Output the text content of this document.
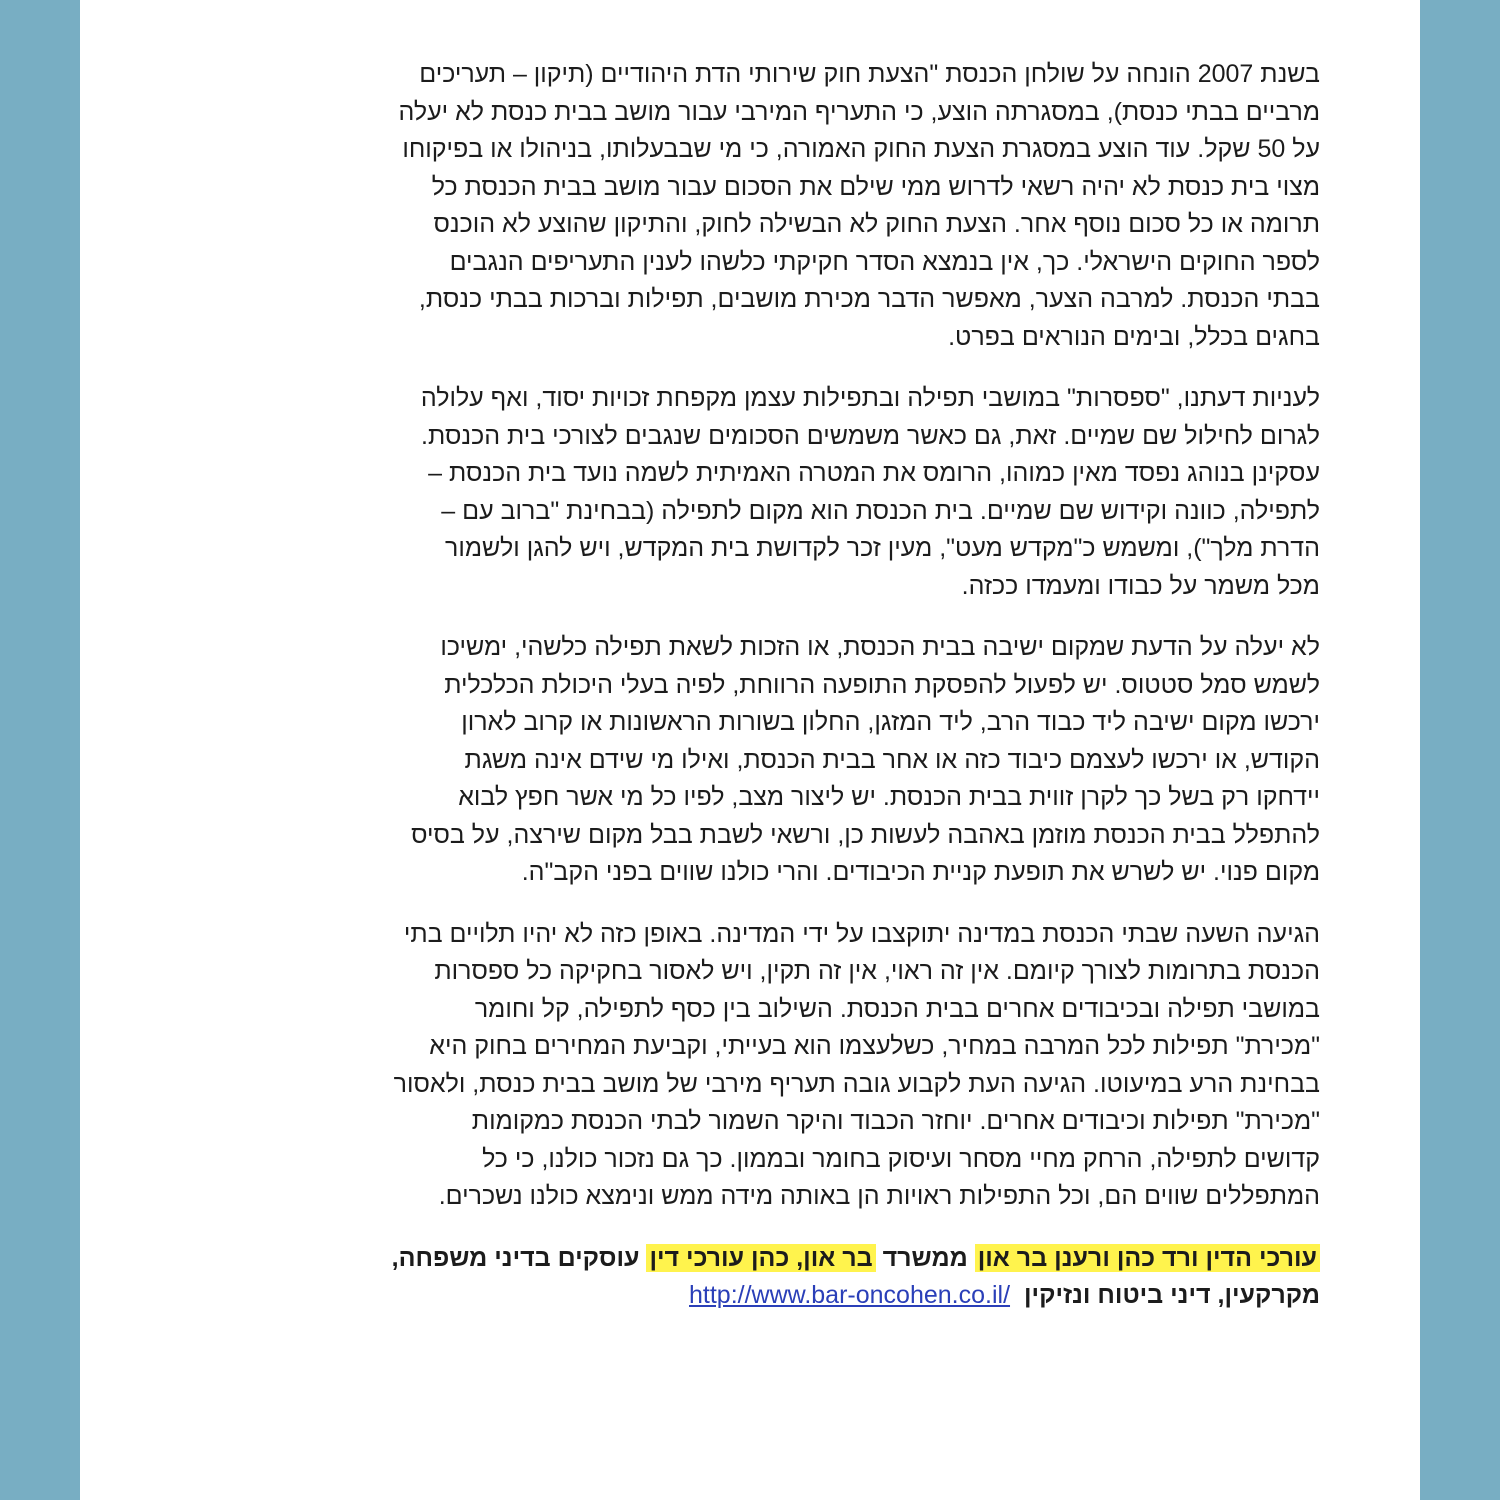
בשנת 2007 הונחה על שולחן הכנסת "הצעת חוק שירותי הדת היהודיים (תיקון – תעריכים

מרביים בבתי כנסת), במסגרתה הוצע, כי התעריף המירבי עבור מושב בבית כנסת לא יעלה

על 50 שקל. עוד הוצע במסגרת הצעת החוק האמורה, כי מי שבבעלותו, בניהולו או בפיקוחו

מצוי בית כנסת לא יהיה רשאי לדרוש ממי שילם את הסכום עבור מושב בבית הכנסת כל

תרומה או כל סכום נוסף אחר. הצעת החוק לא הבשילה לחוק, והתיקון שהוצע לא הוכנס

לספר החוקים הישראלי. כך, אין בנמצא הסדר חקיקתי כלשהו לענין התעריפים הנגבים

בבתי הכנסת. למרבה הצער, מאפשר הדבר מכירת מושבים, תפילות וברכות בבתי כנסת,

בחגים בכלל, ובימים הנוראים בפרט.

לעניות דעתנו, "ספסרות" במושבי תפילה ובתפילות עצמן מקפחת זכויות יסוד, ואף עלולה

לגרום לחילול שם שמיים. זאת, גם כאשר משמשים הסכומים שנגבים לצורכי בית הכנסת.

עסקינן בנוהג נפסד מאין כמוהו, הרומס את המטרה האמיתית לשמה נועד בית הכנסת –

לתפילה, כוונה וקידוש שם שמיים. בית הכנסת הוא מקום לתפילה (בבחינת "ברוב עם –

הדרת מלך"), ומשמש כ"מקדש מעט", מעין זכר לקדושת בית המקדש, ויש להגן ולשמור

מכל משמר על כבודו ומעמדו ככזה.

לא יעלה על הדעת שמקום ישיבה בבית הכנסת, או הזכות לשאת תפילה כלשהי, ימשיכו

לשמש סמל סטטוס. יש לפעול להפסקת התופעה הרווחת, לפיה בעלי היכולת הכלכלית

ירכשו מקום ישיבה ליד כבוד הרב, ליד המזגן, החלון בשורות הראשונות או קרוב לארון

הקודש, או ירכשו לעצמם כיבוד כזה או אחר בבית הכנסת, ואילו מי שידם אינה משגת

יידחקו רק בשל כך לקרן זווית בבית הכנסת. יש ליצור מצב, לפיו כל מי אשר חפץ לבוא

להתפלל בבית הכנסת מוזמן באהבה לעשות כן, ורשאי לשבת בבל מקום שירצה, על בסיס

מקום פנוי. יש לשרש את תופעת קניית הכיבודים. והרי כולנו שווים בפני הקב"ה.

הגיעה השעה שבתי הכנסת במדינה יתוקצבו על ידי המדינה. באופן כזה לא יהיו תלויים בתי

הכנסת בתרומות לצורך קיומם. אין זה ראוי, אין זה תקין, ויש לאסור בחקיקה כל ספסרות

במושבי תפילה ובכיבודים אחרים בבית הכנסת. השילוב בין כסף לתפילה, קל וחומר

"מכירת" תפילות לכל המרבה במחיר, כשלעצמו הוא בעייתי, וקביעת המחירים בחוק היא

בבחינת הרע במיעוטו. הגיעה העת לקבוע גובה תעריף מירבי של מושב בבית כנסת, ולאסור

"מכירת" תפילות וכיבודים אחרים. יוחזר הכבוד והיקר השמור לבתי הכנסת כמקומות

קדושים לתפילה, הרחק מחיי מסחר ועיסוק בחומר ובממון. כך גם נזכור כולנו, כי כל

המתפללים שווים הם, וכל התפילות ראויות הן באותה מידה ממש ונימצא כולנו נשכרים.

עורכי הדין ורד כהן ורענן בר און ממשרד בר און, כהן עורכי דין עוסקים בדיני משפחה,

מקרקעין, דיני ביטוח ונזיקיןhttp://www.bar-oncohen.co.il/
